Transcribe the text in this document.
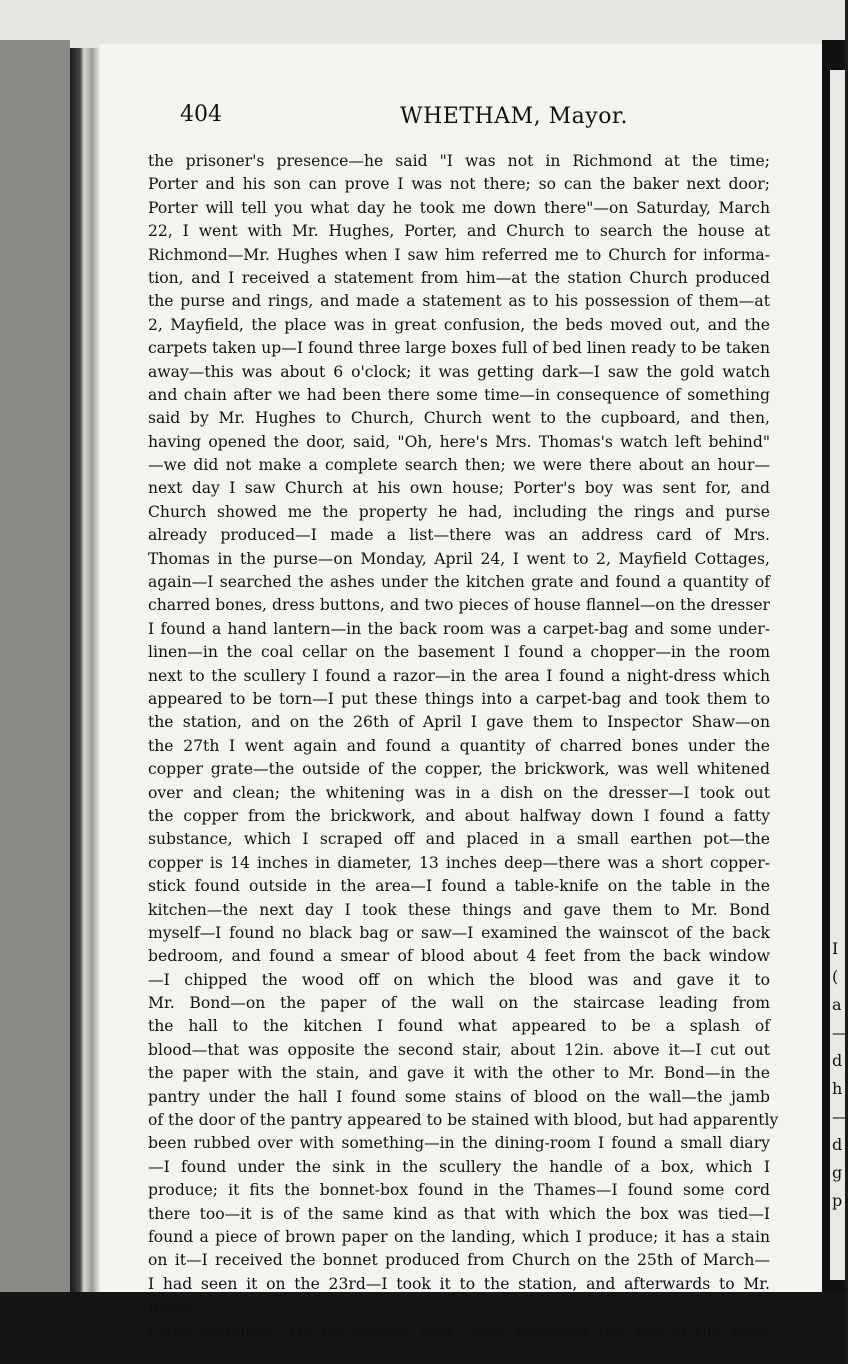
404	WHETHAM, Mayor.
the prisoner's presence—he said "I was not in Richmond at the time;
Porter and his son can prove I was not there; so can the baker next door;
Porter will tell you what day he took me down there"—on Saturday, March
22, I went with Mr. Hughes, Porter, and Church to search the house at
Richmond—Mr. Hughes when I saw him referred me to Church for informa-
tion, and I received a statement from him—at the station Church produced
the purse and rings, and made a statement as to his possession of them—at
2, Mayfield, the place was in great confusion, the beds moved out, and the
carpets taken up—I found three large boxes full of bed linen ready to be taken
away—this was about 6 o'clock; it was getting dark—I saw the gold watch
and chain after we had been there some time—in consequence of something
said by Mr. Hughes to Church, Church went to the cupboard, and then,
having opened the door, said, "Oh, here's Mrs. Thomas's watch left behind"
—we did not make a complete search then; we were there about an hour—
next day I saw Church at his own house; Porter's boy was sent for, and
Church showed me the property he had, including the rings and purse
already produced—I made a list—there was an address card of Mrs.
Thomas in the purse—on Monday, April 24, I went to 2, Mayfield Cottages,
again—I searched the ashes under the kitchen grate and found a quantity of
charred bones, dress buttons, and two pieces of house flannel—on the dresser
I found a hand lantern—in the back room was a carpet-bag and some under-
linen—in the coal cellar on the basement I found a chopper—in the room
next to the scullery I found a razor—in the area I found a night-dress which
appeared to be torn—I put these things into a carpet-bag and took them to
the station, and on the 26th of April I gave them to Inspector Shaw—on
the 27th I went again and found a quantity of charred bones under the
copper grate—the outside of the copper, the brickwork, was well whitened
over and clean; the whitening was in a dish on the dresser—I took out
the copper from the brickwork, and about halfway down I found a fatty
substance, which I scraped off and placed in a small earthen pot—the
copper is 14 inches in diameter, 13 inches deep—there was a short copper-
stick found outside in the area—I found a table-knife on the table in the
kitchen—the next day I took these things and gave them to Mr. Bond
myself—I found no black bag or saw—I examined the wainscot of the back
bedroom, and found a smear of blood about 4 feet from the back window
—I chipped the wood off on which the blood was and gave it to
Mr. Bond—on the paper of the wall on the staircase leading from
the hall to the kitchen I found what appeared to be a splash of
blood—that was opposite the second stair, about 12in. above it—I cut out
the paper with the stain, and gave it with the other to Mr. Bond—in the
pantry under the hall I found some stains of blood on the wall—the jamb
of the door of the pantry appeared to be stained with blood, but had apparently
been rubbed over with something—in the dining-room I found a small diary
—I found under the sink in the scullery the handle of a box, which I
produce; it fits the bonnet-box found in the Thames—I found some cord
there too—it is of the same kind as that with which the box was tied—I
found a piece of brown paper on the landing, which I produce; it has a stain
on it—I received the bonnet produced from Church on the 25th of March—
I had seen it on the 23rd—I took it to the station, and afterwards to Mr.
Bond.
Cross-examined. On my second visit, after receiving the key of the front
I
(
a
—
d
h
—
d
g
p
